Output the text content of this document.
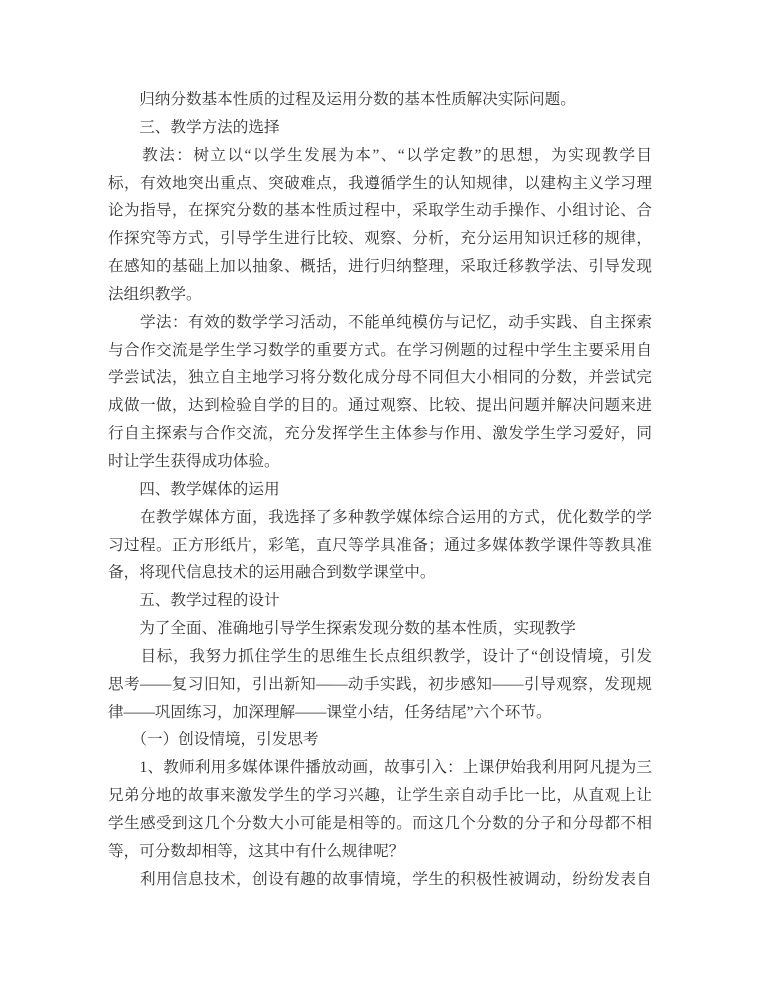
　　归纳分数基本性质的过程及运用分数的基本性质解决实际问题。
　　三、教学方法的选择
　　教法：树立以“以学生发展为本”、“以学定教”的思想，为实现教学目
标，有效地突出重点、突破难点，我遵循学生的认知规律，以建构主义学习理
论为指导，在探究分数的基本性质过程中，采取学生动手操作、小组讨论、合
作探究等方式，引导学生进行比较、观察、分析，充分运用知识迁移的规律，
在感知的基础上加以抽象、概括，进行归纳整理，采取迁移教学法、引导发现
法组织教学。
　　学法：有效的数学学习活动，不能单纯模仿与记忆，动手实践、自主探索
与合作交流是学生学习数学的重要方式。在学习例题的过程中学生主要采用自
学尝试法，独立自主地学习将分数化成分母不同但大小相同的分数，并尝试完
成做一做，达到检验自学的目的。通过观察、比较、提出问题并解决问题来进
行自主探索与合作交流，充分发挥学生主体参与作用、激发学生学习爱好，同
时让学生获得成功体验。
　　四、教学媒体的运用
　　在教学媒体方面，我选择了多种教学媒体综合运用的方式，优化数学的学
习过程。正方形纸片，彩笔，直尺等学具准备；通过多媒体教学课件等教具准
备，将现代信息技术的运用融合到数学课堂中。
　　五、教学过程的设计
　　为了全面、准确地引导学生探索发现分数的基本性质，实现教学
　　目标，我努力抓住学生的思维生长点组织教学，设计了“创设情境，引发
思考——复习旧知，引出新知——动手实践，初步感知——引导观察，发现规
律——巩固练习，加深理解——课堂小结，任务结尾”六个环节。
　　（一）创设情境，引发思考
　　1、教师利用多媒体课件播放动画，故事引入：上课伊始我利用阿凡提为三
兄弟分地的故事来激发学生的学习兴趣，让学生亲自动手比一比，从直观上让
学生感受到这几个分数大小可能是相等的。而这几个分数的分子和分母都不相
等，可分数却相等，这其中有什么规律呢？
　　利用信息技术，创设有趣的故事情境，学生的积极性被调动，纷纷发表自
